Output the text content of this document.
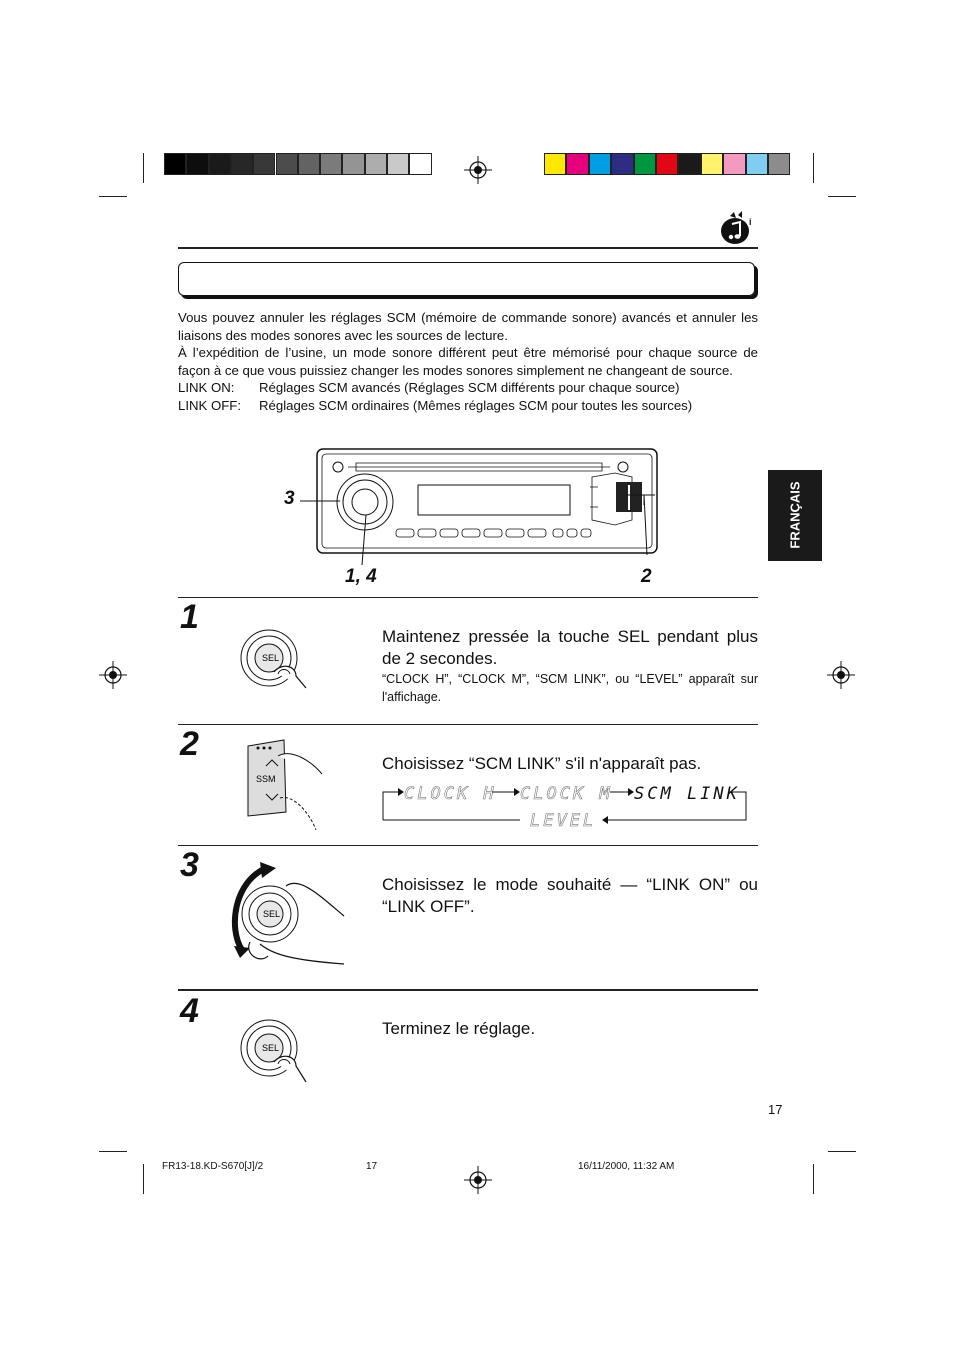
i

Vous pouvez annuler les réglages SCM (mémoire de commande sonore) avancés et annuler les liaisons des modes sonores avec les sources de lecture.

À l’expédition de l’usine, un mode sonore différent peut être mémorisé pour chaque source de façon à ce que vous puissiez changer les modes sonores simplement ne changeant de source.

LINK ON:	Réglages SCM avancés (Réglages SCM différents pour chaque source)
LINK OFF:	Réglages SCM ordinaires (Mêmes réglages SCM pour toutes les sources)
3
1, 4	2
FRANÇAIS
1
SEL
Maintenez pressée la touche SEL pendant plus de 2 secondes.
“CLOCK H”, “CLOCK M”, “SCM LINK”, ou “LEVEL” apparaît sur l'affichage.
2
SSM
Choisissez “SCM LINK” s'il n'apparaît pas.
CLOCK H CLOCK M SCM LINK
LEVEL
3
SEL
Choisissez le mode souhaité — “LINK ON” ou “LINK OFF”.
4
SEL
Terminez le réglage.
17
FR13-18.KD-S670[J]/2	17	16/11/2000, 11:32 AM
